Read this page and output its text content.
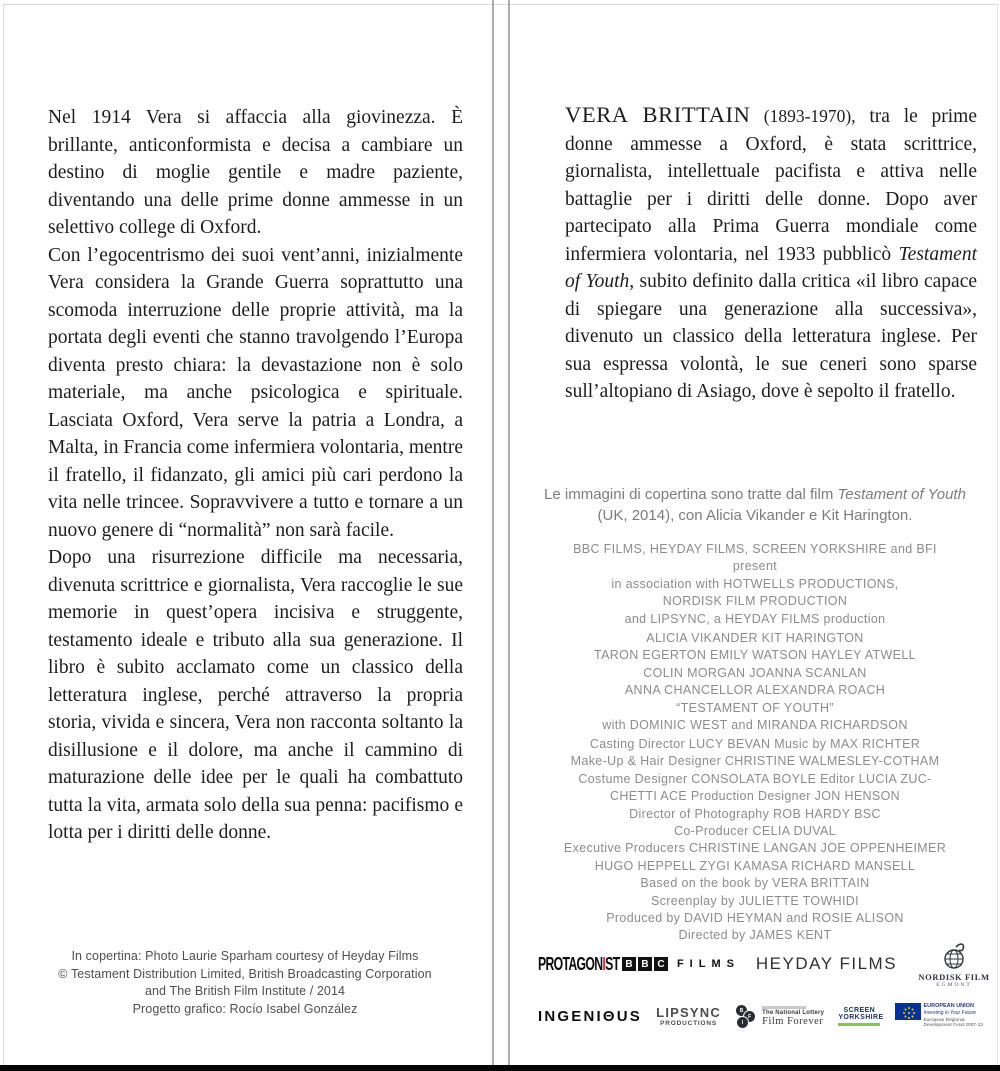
Nel 1914 Vera si affaccia alla giovinezza. È brillante, anticonformista e decisa a cambiare un destino di moglie gentile e madre paziente, diventando una delle prime donne ammesse in un selettivo college di Oxford.

Con l’egocentrismo dei suoi vent’anni, inizialmente Vera considera la Grande Guerra soprattutto una scomoda interruzione delle proprie attività, ma la portata degli eventi che stanno travolgendo l’Europa diventa presto chiara: la devastazione non è solo materiale, ma anche psicologica e spirituale. Lasciata Oxford, Vera serve la patria a Londra, a Malta, in Francia come infermiera volontaria, mentre il fratello, il fidanzato, gli amici più cari perdono la vita nelle trincee. Sopravvivere a tutto e tornare a un nuovo genere di “normalità” non sarà facile.

Dopo una risurrezione difficile ma necessaria, divenuta scrittrice e giornalista, Vera raccoglie le sue memorie in quest’opera incisiva e struggente, testamento ideale e tributo alla sua generazione. Il libro è subito acclamato come un classico della letteratura inglese, perché attraverso la propria storia, vivida e sincera, Vera non racconta soltanto la disillusione e il dolore, ma anche il cammino di maturazione delle idee per le quali ha combattuto tutta la vita, armata solo della sua penna: pacifismo e lotta per i diritti delle donne.

In copertina: Photo Laurie Sparham courtesy of Heyday Films
© Testament Distribution Limited, British Broadcasting Corporation
and The British Film Institute / 2014
Progetto grafico: Rocío Isabel González

VERA BRITTAIN (1893-1970), tra le prime donne ammesse a Oxford, è stata scrittrice, giornalista, intellettuale pacifista e attiva nelle battaglie per i diritti delle donne. Dopo aver partecipato alla Prima Guerra mondiale come infermiera volontaria, nel 1933 pubblicò Testament of Youth, subito definito dalla critica «il libro capace di spiegare una generazione alla successiva», divenuto un classico della letteratura inglese. Per sua espressa volontà, le sue ceneri sono sparse sull’altopiano di Asiago, dove è sepolto il fratello.

Le immagini di copertina sono tratte dal film Testament of Youth (UK, 2014), con Alicia Vikander e Kit Harington.
BBC FILMS, HEYDAY FILMS, SCREEN YORKSHIRE and BFI
present
in association with HOTWELLS PRODUCTIONS,
NORDISK FILM PRODUCTION
and LIPSYNC, a HEYDAY FILMS production
ALICIA VIKANDER KIT HARINGTON
TARON EGERTON EMILY WATSON HAYLEY ATWELL
COLIN MORGAN JOANNA SCANLAN
ANNA CHANCELLOR ALEXANDRA ROACH
“TESTAMENT OF YOUTH”
with DOMINIC WEST and MIRANDA RICHARDSON
Casting Director LUCY BEVAN Music by MAX RICHTER
Make-Up & Hair Designer CHRISTINE WALMESLEY-COTHAM
Costume Designer CONSOLATA BOYLE Editor LUCIA ZUC-
CHETTI ACE Production Designer JON HENSON
Director of Photography ROB HARDY BSC
Co-Producer CELIA DUVAL
Executive Producers CHRISTINE LANGAN JOE OPPENHEIMER
HUGO HEPPELL ZYGI KAMASA RICHARD MANSELL
Based on the book by VERA BRITTAIN
Screenplay by JULIETTE TOWHIDI
Produced by DAVID HEYMAN and ROSIE ALISON
Directed by JAMES KENT
PROTAGONIST B B C	FILMS HEYDAY FILMS
NORDISK FILM
EGMONT
INGENIΘUS LIPSYNC
PRODUCTIONS
B
F
I
The National Lottery
Film Forever
SCREEN
YORKSHIRE
EUROPEAN UNION
Investing in Your Future
European Regional
Development Fund 2007-13
